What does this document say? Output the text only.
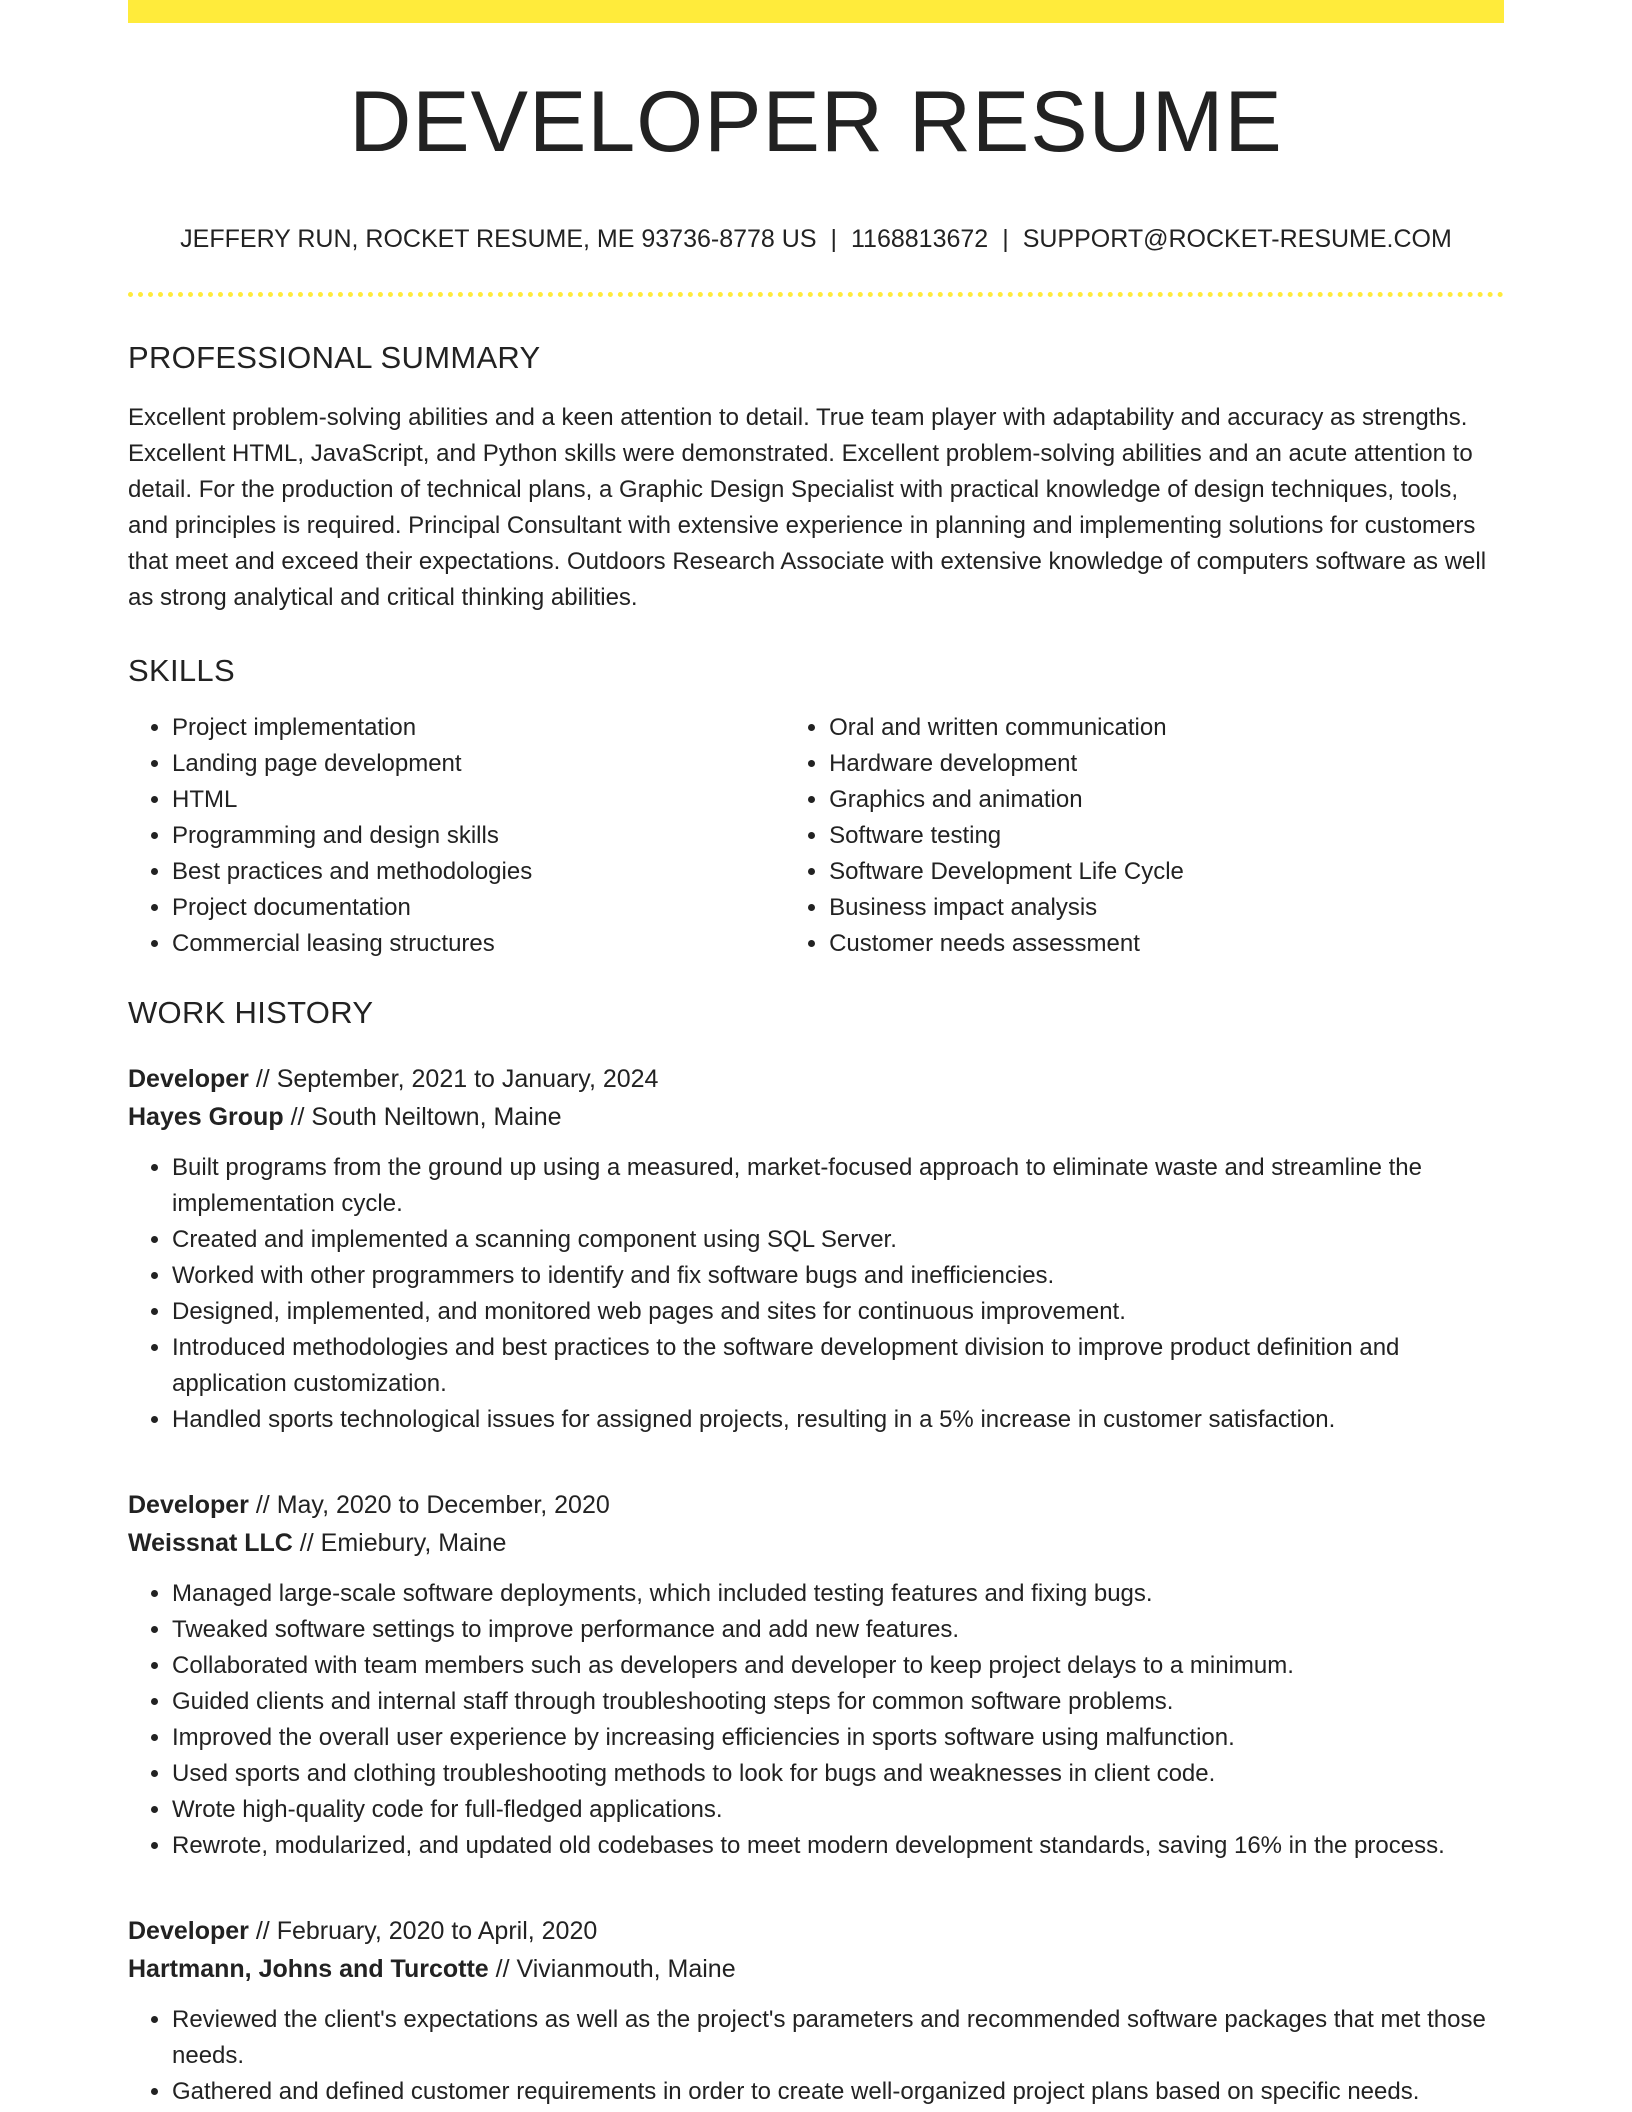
DEVELOPER RESUME
JEFFERY RUN, ROCKET RESUME, ME 93736-8778 US | 1168813672 | SUPPORT@ROCKET-RESUME.COM
PROFESSIONAL SUMMARY

Excellent problem-solving abilities and a keen attention to detail. True team player with adaptability and accuracy as strengths. Excellent HTML, JavaScript, and Python skills were demonstrated. Excellent problem-solving abilities and an acute attention to detail. For the production of technical plans, a Graphic Design Specialist with practical knowledge of design techniques, tools, and principles is required. Principal Consultant with extensive experience in planning and implementing solutions for customers that meet and exceed their expectations. Outdoors Research Associate with extensive knowledge of computers software as well as strong analytical and critical thinking abilities.

SKILLS
• Project implementation
• Landing page development
• HTML
• Programming and design skills
• Best practices and methodologies
• Project documentation
• Commercial leasing structures
• Oral and written communication
• Hardware development
• Graphics and animation
• Software testing
• Software Development Life Cycle
• Business impact analysis
• Customer needs assessment
WORK HISTORY
Developer // September, 2021 to January, 2024
Hayes Group // South Neiltown, Maine
• Built programs from the ground up using a measured, market-focused approach to eliminate waste and streamline the implementation cycle.
• Created and implemented a scanning component using SQL Server.
• Worked with other programmers to identify and fix software bugs and inefficiencies.
• Designed, implemented, and monitored web pages and sites for continuous improvement.
• Introduced methodologies and best practices to the software development division to improve product definition and application customization.
• Handled sports technological issues for assigned projects, resulting in a 5% increase in customer satisfaction.
Developer // May, 2020 to December, 2020
Weissnat LLC // Emiebury, Maine
• Managed large-scale software deployments, which included testing features and fixing bugs.
• Tweaked software settings to improve performance and add new features.
• Collaborated with team members such as developers and developer to keep project delays to a minimum.
• Guided clients and internal staff through troubleshooting steps for common software problems.
• Improved the overall user experience by increasing efficiencies in sports software using malfunction.
• Used sports and clothing troubleshooting methods to look for bugs and weaknesses in client code.
• Wrote high-quality code for full-fledged applications.
• Rewrote, modularized, and updated old codebases to meet modern development standards, saving 16% in the process.
Developer // February, 2020 to April, 2020
Hartmann, Johns and Turcotte // Vivianmouth, Maine
• Reviewed the client's expectations as well as the project's parameters and recommended software packages that met those needs.
• Gathered and defined customer requirements in order to create well-organized project plans based on specific needs.
